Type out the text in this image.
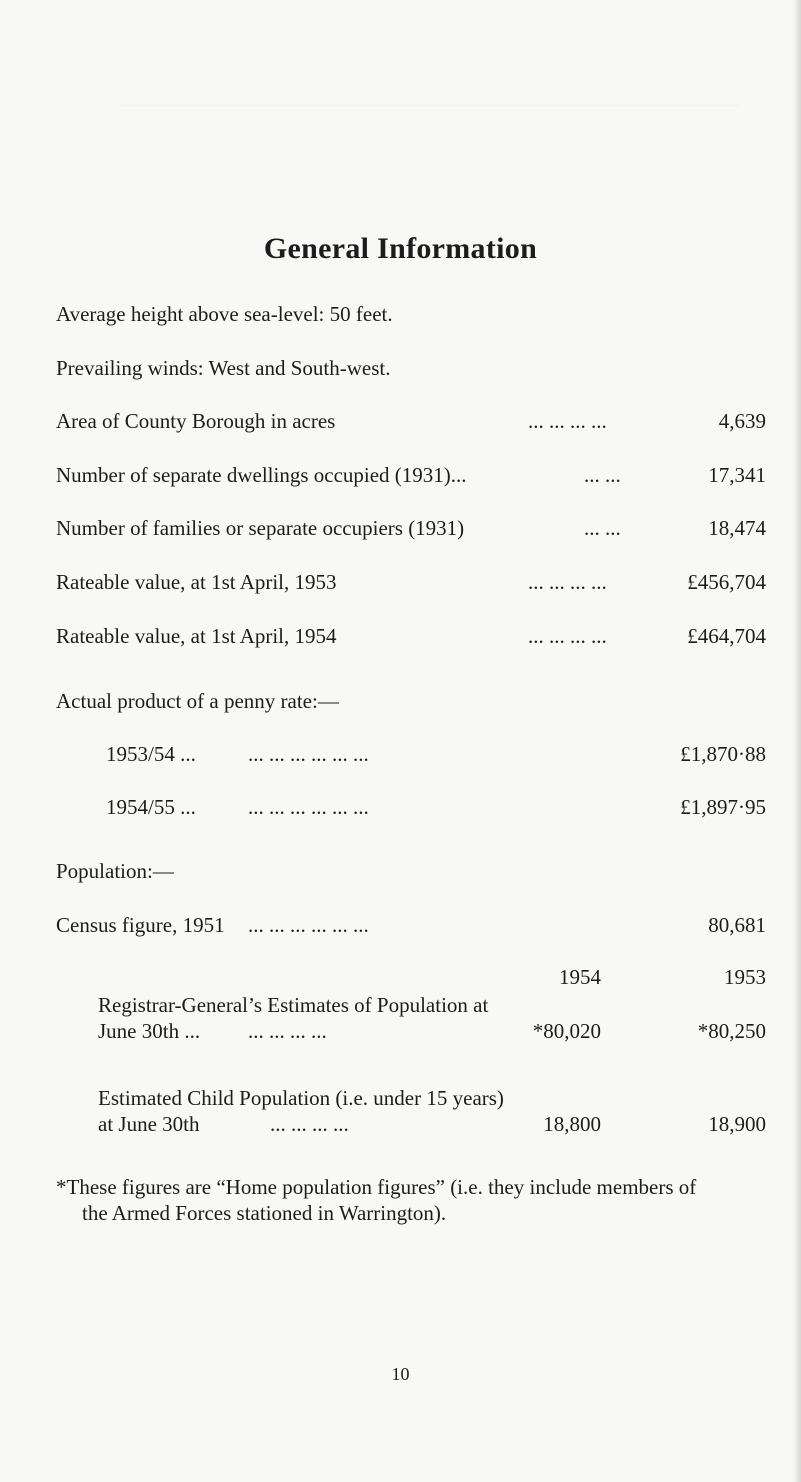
General Information
Average height above sea-level: 50 feet.
Prevailing winds: West and South-west.
Area of County Borough in acres	... ... ... ...	4,639
Number of separate dwellings occupied (1931)...	... ...	17,341
Number of families or separate occupiers (1931)	... ...	18,474
Rateable value, at 1st April, 1953	... ... ... ...	£456,704
Rateable value, at 1st April, 1954	... ... ... ...	£464,704
Actual product of a penny rate:—
1953/54 ... ... ... ... ... ... ...	£1,870·88
1954/55 ... ... ... ... ... ... ...	£1,897·95
Population:—
Census figure, 1951 ... ... ... ... ... ...	80,681
1954	1953
Registrar-General’s Estimates of Population at
June 30th ... ... ... ... ...	*80,020	*80,250
Estimated Child Population (i.e. under 15 years)
at June 30th	... ... ... ...	18,800	18,900
*These figures are “Home population figures” (i.e. they include members of
the Armed Forces stationed in Warrington).
10
